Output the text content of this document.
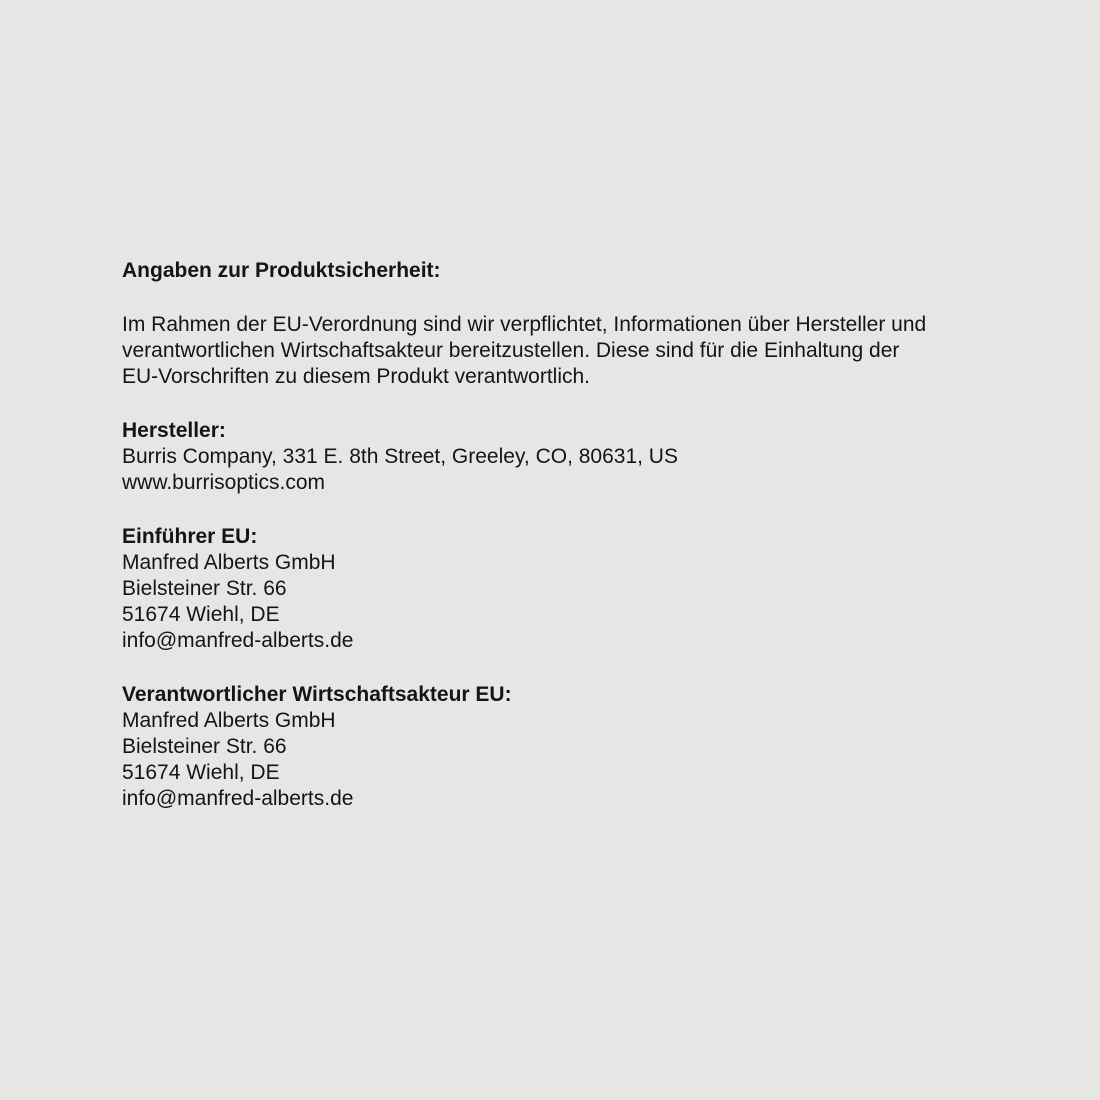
Angaben zur Produktsicherheit:
Im Rahmen der EU-Verordnung sind wir verpflichtet, Informationen über Hersteller und
verantwortlichen Wirtschaftsakteur bereitzustellen. Diese sind für die Einhaltung der
EU-Vorschriften zu diesem Produkt verantwortlich.
Hersteller:
Burris Company, 331 E. 8th Street, Greeley, CO, 80631, US
www.burrisoptics.com
Einführer EU:
Manfred Alberts GmbH
Bielsteiner Str. 66
51674 Wiehl, DE
info@manfred-alberts.de
Verantwortlicher Wirtschaftsakteur EU:
Manfred Alberts GmbH
Bielsteiner Str. 66
51674 Wiehl, DE
info@manfred-alberts.de
